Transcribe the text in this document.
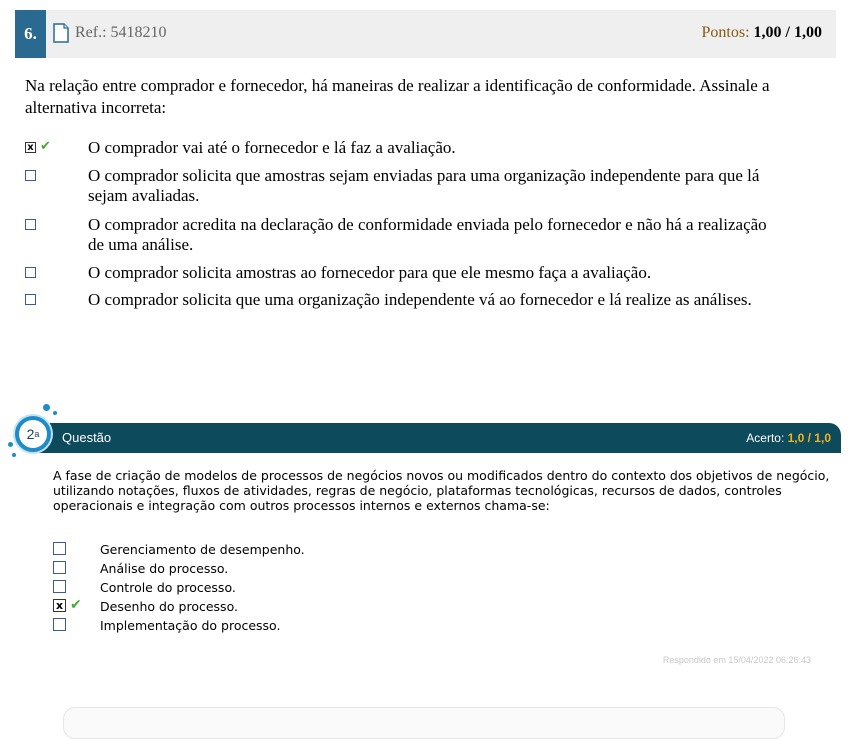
6.	Ref.: 5418210	Pontos: 1,00 / 1,00
Na relação entre comprador e fornecedor, há maneiras de realizar a identificação de conformidade. Assinale a alternativa incorreta:
x ✔ O comprador vai até o fornecedor e lá faz a avaliação.
O comprador solicita que amostras sejam enviadas para uma organização independente para que lá sejam avaliadas.
O comprador acredita na declaração de conformidade enviada pelo fornecedor e não há a realização de uma análise.
O comprador solicita amostras ao fornecedor para que ele mesmo faça a avaliação.
O comprador solicita que uma organização independente vá ao fornecedor e lá realize as análises.
2 a Questão	Acerto: 1,0 / 1,0
A fase de criação de modelos de processos de negócios novos ou modificados dentro do contexto dos objetivos de negócio, utilizando notações, fluxos de atividades, regras de negócio, plataformas tecnológicas, recursos de dados, controles operacionais e integração com outros processos internos e externos chama-se:
Gerenciamento de desempenho.
Análise do processo.
Controle do processo.
x ✔ Desenho do processo.
Implementação do processo.
Respondido em 15/04/2022 06:26:43
